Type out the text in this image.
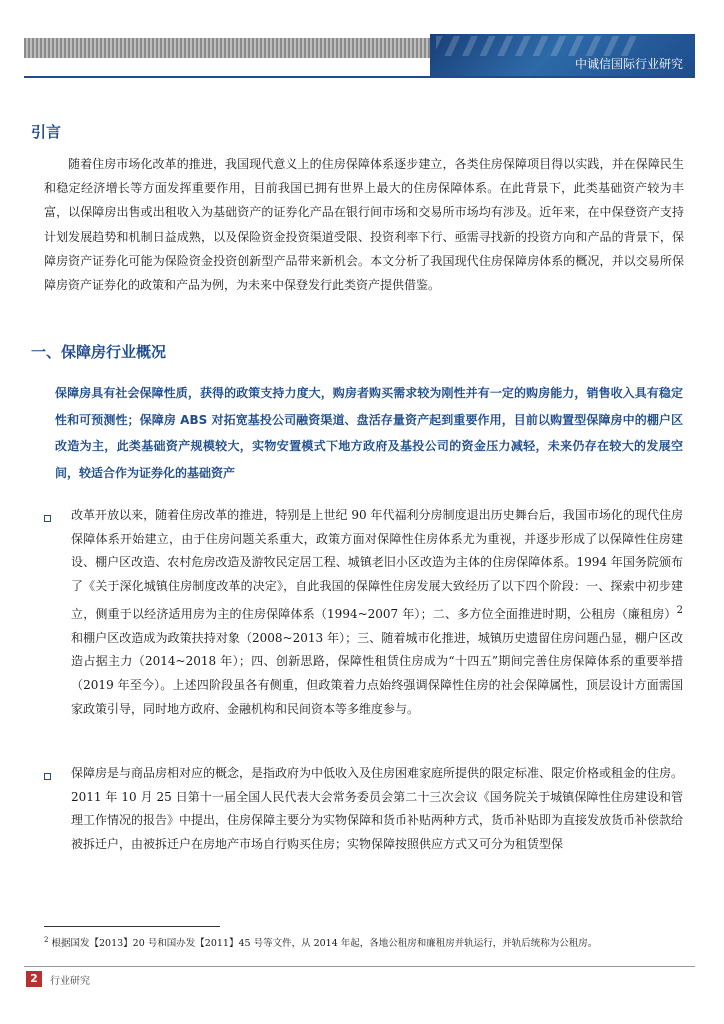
中诚信国际行业研究
引言

随着住房市场化改革的推进，我国现代意义上的住房保障体系逐步建立，各类住房保障项目得以实践，并在保障民生和稳定经济增长等方面发挥重要作用，目前我国已拥有世界上最大的住房保障体系。在此背景下，此类基础资产较为丰富，以保障房出售或出租收入为基础资产的证券化产品在银行间市场和交易所市场均有涉及。近年来，在中保登资产支持计划发展趋势和机制日益成熟，以及保险资金投资渠道受限、投资利率下行、亟需寻找新的投资方向和产品的背景下，保障房资产证券化可能为保险资金投资创新型产品带来新机会。本文分析了我国现代住房保障房体系的概况，并以交易所保障房资产证券化的政策和产品为例，为未来中保登发行此类资产提供借鉴。

一、保障房行业概况

保障房具有社会保障性质，获得的政策支持力度大，购房者购买需求较为刚性并有一定的购房能力，销售收入具有稳定性和可预测性；保障房 ABS 对拓宽基投公司融资渠道、盘活存量资产起到重要作用，目前以购置型保障房中的棚户区改造为主，此类基础资产规模较大，实物安置模式下地方政府及基投公司的资金压力减轻，未来仍存在较大的发展空间，较适合作为证券化的基础资产

改革开放以来，随着住房改革的推进，特别是上世纪 90 年代福利分房制度退出历史舞台后，我国市场化的现代住房保障体系开始建立，由于住房问题关系重大，政策方面对保障性住房体系尤为重视，并逐步形成了以保障性住房建设、棚户区改造、农村危房改造及游牧民定居工程、城镇老旧小区改造为主体的住房保障体系。1994 年国务院颁布了《关于深化城镇住房制度改革的决定》，自此我国的保障性住房发展大致经历了以下四个阶段：一、探索中初步建立，侧重于以经济适用房为主的住房保障体系（1994~2007 年）；二、多方位全面推进时期，公租房（廉租房）$^2$和棚户区改造成为政策扶持对象（2008~2013 年）；三、随着城市化推进，城镇历史遗留住房问题凸显，棚户区改造占据主力（2014~2018 年）；四、创新思路，保障性租赁住房成为“十四五”期间完善住房保障体系的重要举措（2019 年至今）。上述四阶段虽各有侧重，但政策着力点始终强调保障性住房的社会保障属性，顶层设计方面需国家政策引导，同时地方政府、金融机构和民间资本等多维度参与。

保障房是与商品房相对应的概念，是指政府为中低收入及住房困难家庭所提供的限定标准、限定价格或租金的住房。2011 年 10 月 25 日第十一届全国人民代表大会常务委员会第二十三次会议《国务院关于城镇保障性住房建设和管理工作情况的报告》中提出，住房保障主要分为实物保障和货币补贴两种方式，货币补贴即为直接发放货币补偿款给被拆迁户，由被拆迁户在房地产市场自行购买住房；实物保障按照供应方式又可分为租赁型保

$^2$ 根据国发【2013】20 号和国办发【2011】45 号等文件，从 2014 年起，各地公租房和廉租房并轨运行，并轨后统称为公租房。

2	行业研究
